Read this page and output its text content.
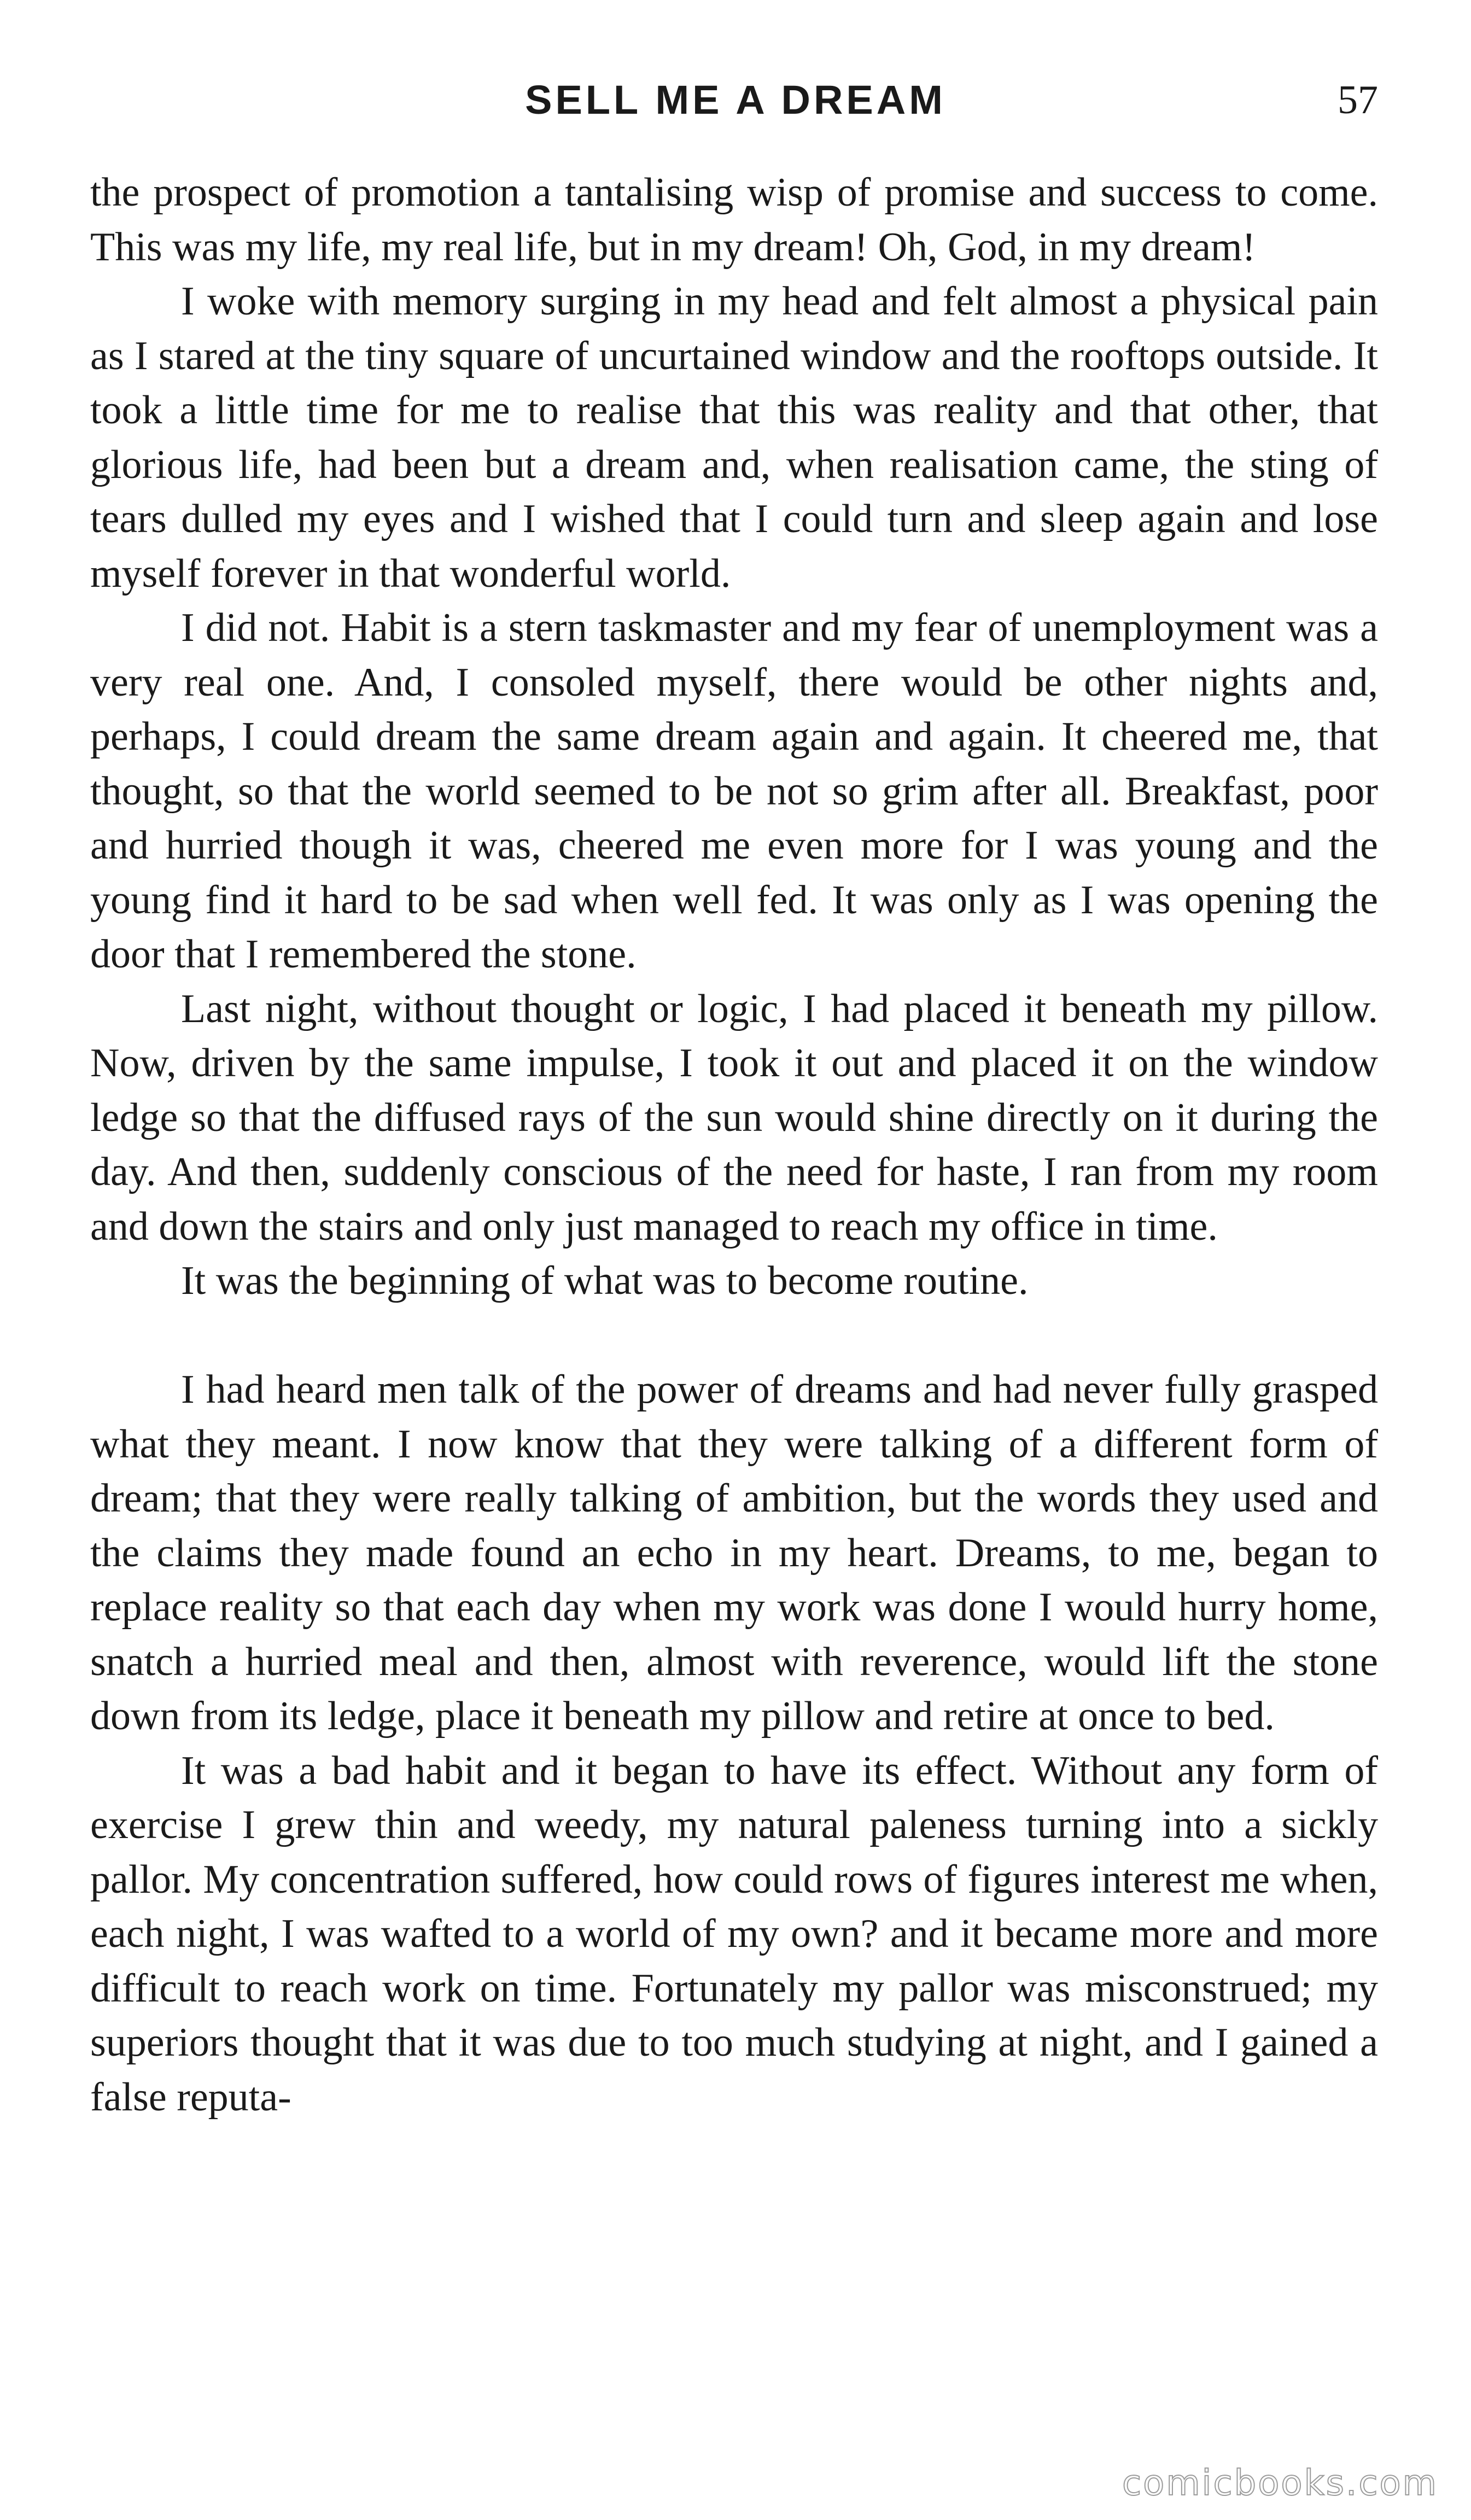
SELL ME A DREAM	57

the prospect of promotion a tantalising wisp of promise and success to come. This was my life, my real life, but in my dream! Oh, God, in my dream!

I woke with memory surging in my head and felt almost a physical pain as I stared at the tiny square of uncurtained window and the rooftops outside. It took a little time for me to realise that this was reality and that other, that glorious life, had been but a dream and, when realisation came, the sting of tears dulled my eyes and I wished that I could turn and sleep again and lose myself forever in that wonderful world.

I did not. Habit is a stern taskmaster and my fear of unemployment was a very real one. And, I consoled myself, there would be other nights and, perhaps, I could dream the same dream again and again. It cheered me, that thought, so that the world seemed to be not so grim after all. Breakfast, poor and hurried though it was, cheered me even more for I was young and the young find it hard to be sad when well fed. It was only as I was opening the door that I remembered the stone.

Last night, without thought or logic, I had placed it beneath my pillow. Now, driven by the same impulse, I took it out and placed it on the window ledge so that the diffused rays of the sun would shine directly on it during the day. And then, suddenly conscious of the need for haste, I ran from my room and down the stairs and only just managed to reach my office in time.

It was the beginning of what was to become routine.

I had heard men talk of the power of dreams and had never fully grasped what they meant. I now know that they were talking of a different form of dream; that they were really talking of ambition, but the words they used and the claims they made found an echo in my heart. Dreams, to me, began to replace reality so that each day when my work was done I would hurry home, snatch a hurried meal and then, almost with reverence, would lift the stone down from its ledge, place it beneath my pillow and retire at once to bed.

It was a bad habit and it began to have its effect. Without any form of exercise I grew thin and weedy, my natural paleness turning into a sickly pallor. My concentration suffered, how could rows of figures interest me when, each night, I was wafted to a world of my own? and it became more and more difficult to reach work on time. Fortunately my pallor was misconstrued; my superiors thought that it was due to too much studying at night, and I gained a false reputa-

comicbooks.com
